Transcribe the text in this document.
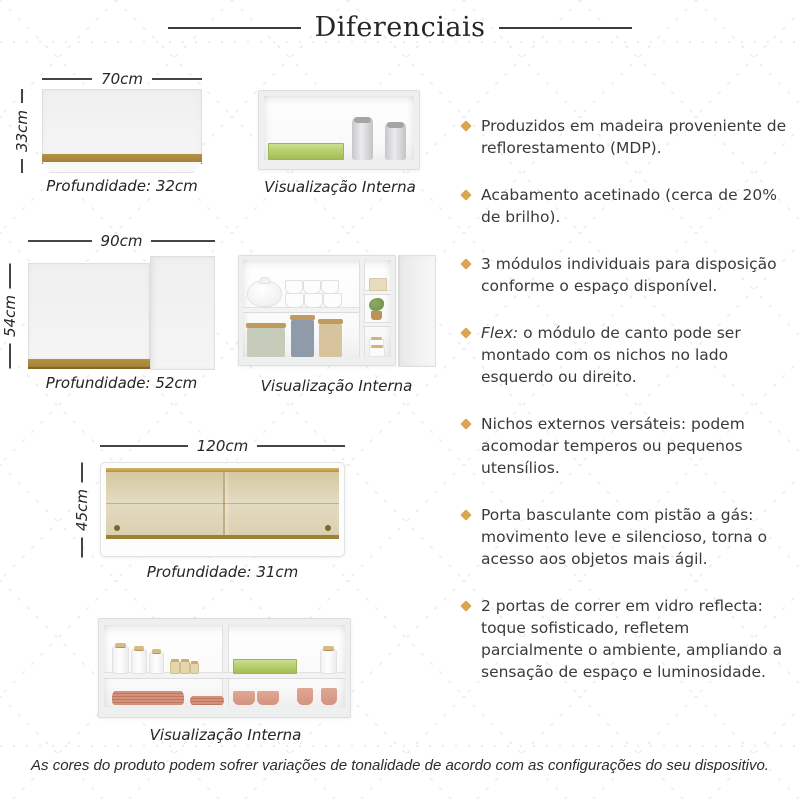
Diferenciais
70cm
33cm
Profundidade: 32cm	Visualização Interna
90cm
54cm
Profundidade: 52cm	Visualização Interna
120cm
45cm
Profundidade: 31cm
Visualização Interna
Produzidos em madeira proveniente de reflorestamento (MDP).
Acabamento acetinado (cerca de 20% de brilho).
3 módulos individuais para disposição conforme o espaço disponível.
Flex: o módulo de canto pode ser montado com os nichos no lado esquerdo ou direito.
Nichos externos versáteis: podem acomodar temperos ou pequenos utensílios.
Porta basculante com pistão a gás: movimento leve e silencioso, torna o acesso aos objetos mais ágil.
2 portas de correr em vidro reflecta: toque sofisticado, refletem parcialmente o ambiente, ampliando a sensação de espaço e luminosidade.
As cores do produto podem sofrer variações de tonalidade de acordo com as configurações do seu dispositivo.
